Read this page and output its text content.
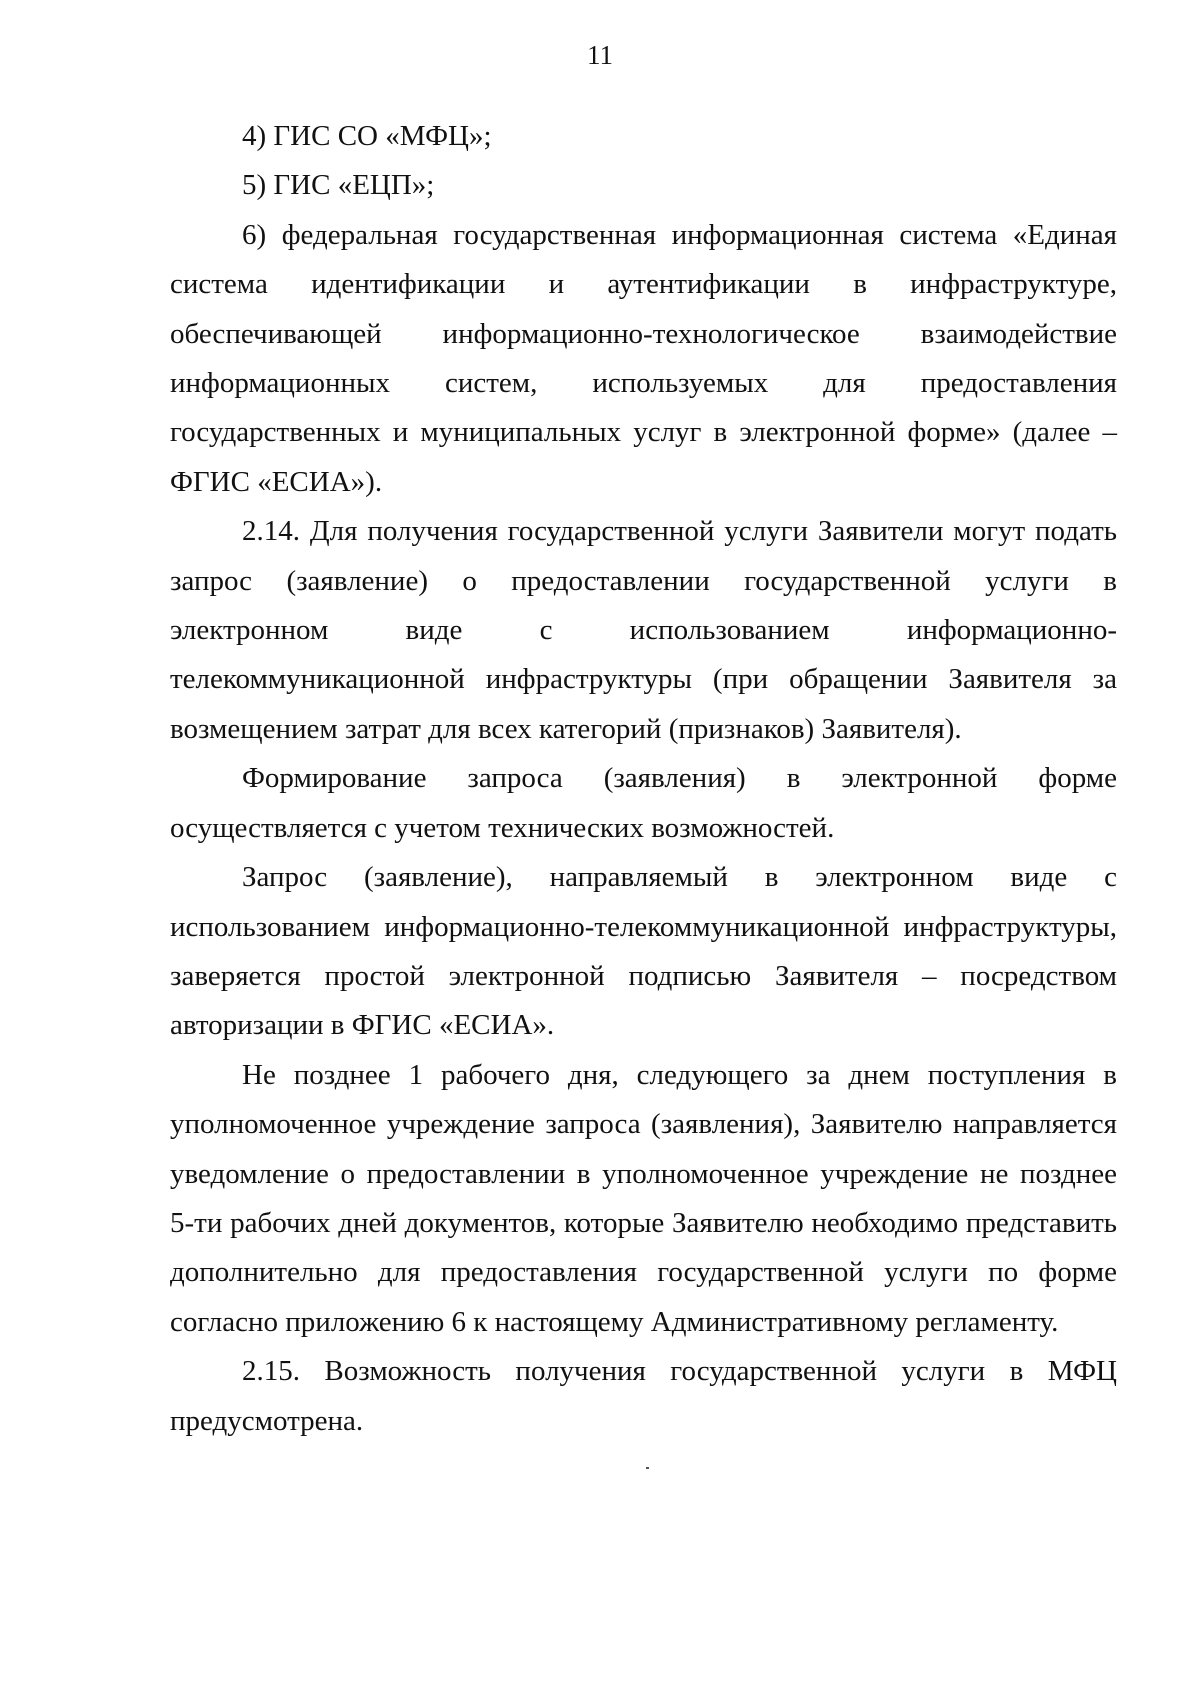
11

4) ГИС СО «МФЦ»;

5) ГИС «ЕЦП»;

6) федеральная государственная информационная система «Единая система идентификации и аутентификации в инфраструктуре, обеспечивающей информационно-технологическое взаимодействие информационных систем, используемых для предоставления государственных и муниципальных услуг в электронной форме» (далее – ФГИС «ЕСИА»).

2.14. Для получения государственной услуги Заявители могут подать запрос (заявление) о предоставлении государственной услуги в электронном виде с использованием информационно-телекоммуникационной инфраструктуры (при обращении Заявителя за возмещением затрат для всех категорий (признаков) Заявителя).

Формирование запроса (заявления) в электронной форме осуществляется с учетом технических возможностей.

Запрос (заявление), направляемый в электронном виде с использованием информационно-телекоммуникационной инфраструктуры, заверяется простой электронной подписью Заявителя – посредством авторизации в ФГИС «ЕСИА».

Не позднее 1 рабочего дня, следующего за днем поступления в уполномоченное учреждение запроса (заявления), Заявителю направляется уведомление о предоставлении в уполномоченное учреждение не позднее 5-ти рабочих дней документов, которые Заявителю необходимо представить дополнительно для предоставления государственной услуги по форме согласно приложению 6 к настоящему Административному регламенту.

2.15. Возможность получения государственной услуги в МФЦ предусмотрена.
